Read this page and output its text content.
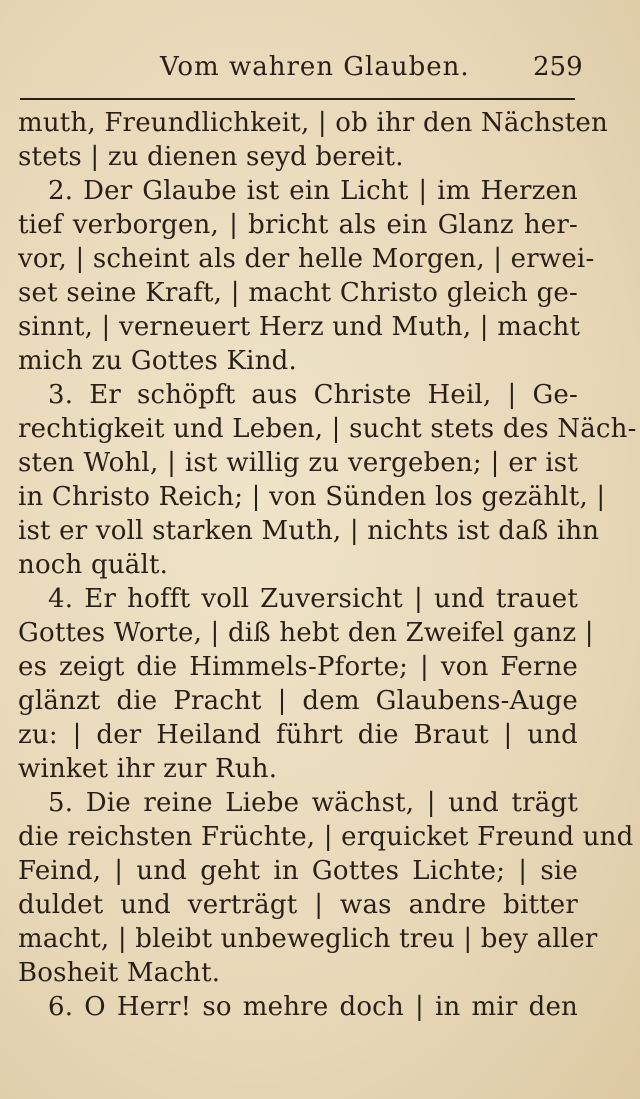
Vom wahren Glauben. 259
muth, Freundlichkeit, | ob ihr den Nächsten
stets | zu dienen seyd bereit.
2. Der Glaube ist ein Licht | im Herzen
tief verborgen, | bricht als ein Glanz her-
vor, | scheint als der helle Morgen, | erwei-
set seine Kraft, | macht Christo gleich ge-
sinnt, | verneuert Herz und Muth, | macht
mich zu Gottes Kind.
3. Er schöpft aus Christe Heil, | Ge-
rechtigkeit und Leben, | sucht stets des Näch-
sten Wohl, | ist willig zu vergeben; | er ist
in Christo Reich; | von Sünden los gezählt, |
ist er voll starken Muth, | nichts ist daß ihn
noch quält.
4. Er hofft voll Zuversicht | und trauet
Gottes Worte, | diß hebt den Zweifel ganz |
es zeigt die Himmels-Pforte; | von Ferne
glänzt die Pracht | dem Glaubens-Auge
zu: | der Heiland führt die Braut | und
winket ihr zur Ruh.
5. Die reine Liebe wächst, | und trägt
die reichsten Früchte, | erquicket Freund und
Feind, | und geht in Gottes Lichte; | sie
duldet und verträgt | was andre bitter
macht, | bleibt unbeweglich treu | bey aller
Bosheit Macht.
6. O Herr! so mehre doch | in mir den
